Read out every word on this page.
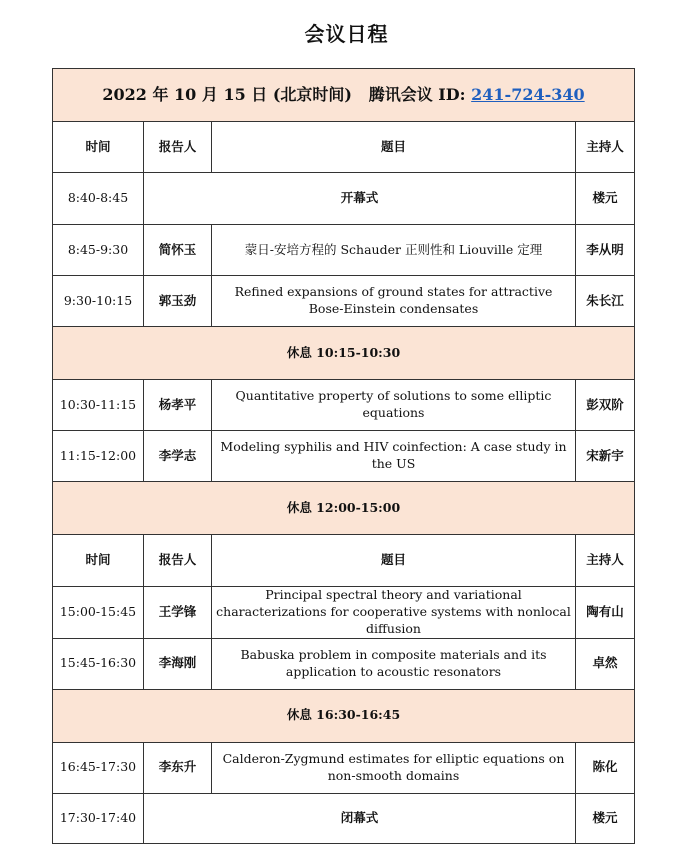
会议日程
2022 年 10 月 15 日 (北京时间) 腾讯会议 ID: 241-724-340			
时间	报告人	题目	主持人
8:40-8:45	开幕式		楼元
8:45-9:30	简怀玉	蒙日-安培方程的 Schauder 正则性和 Liouville 定理	李从明
9:30-10:15	郭玉劲	Refined expansions of ground states for attractive Bose-Einstein condensates	朱长江
休息 10:15-10:30			
10:30-11:15	杨孝平	Quantitative property of solutions to some elliptic equations	彭双阶
11:15-12:00	李学志	Modeling syphilis and HIV coinfection: A case study in the US	宋新宇
休息 12:00-15:00			
时间	报告人	题目	主持人
15:00-15:45	王学锋	Principal spectral theory and variational characterizations for cooperative systems with nonlocal diffusion	陶有山
15:45-16:30	李海刚	Babuska problem in composite materials and its application to acoustic resonators	卓然
休息 16:30-16:45			
16:45-17:30	李东升	Calderon-Zygmund estimates for elliptic equations on non-smooth domains	陈化
17:30-17:40	闭幕式		楼元
